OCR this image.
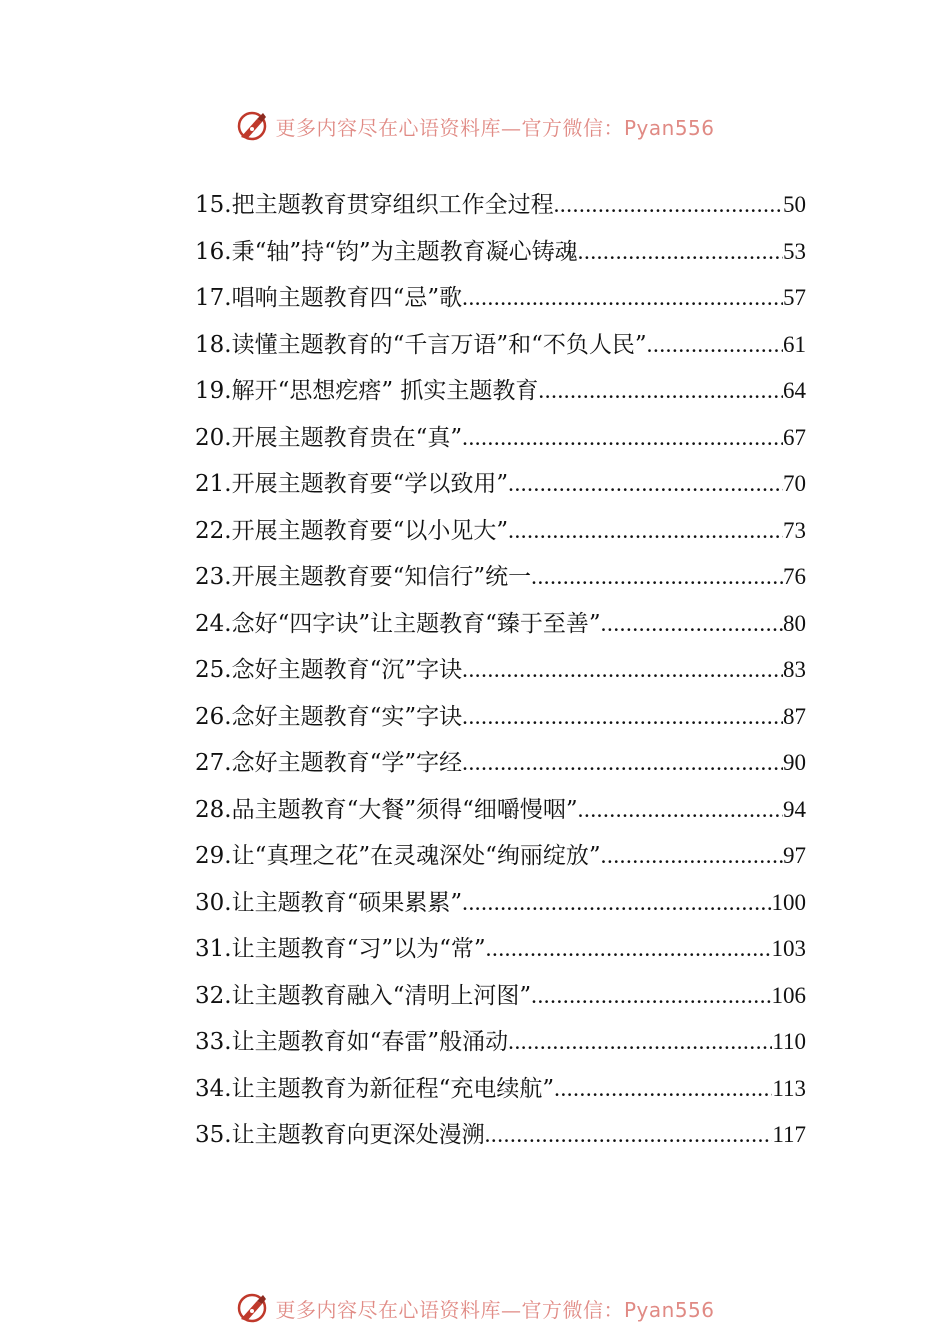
更多内容尽在心语资料库—官方微信：Pyan556
15.把主题教育贯穿组织工作全过程 .....	50
16.秉“轴”持“钧”为主题教育凝心铸魂 .....	53
17.唱响主题教育四“忌”歌 .....	57
18.读懂主题教育的“千言万语”和“不负人民” .....	61
19.解开“思想疙瘩” 抓实主题教育 .....	64
20.开展主题教育贵在“真” .....	67
21.开展主题教育要“学以致用” .....	70
22.开展主题教育要“以小见大” .....	73
23.开展主题教育要“知信行”统一 .....	76
24.念好“四字诀”让主题教育“臻于至善” .....	80
25.念好主题教育“沉”字诀 .....	83
26.念好主题教育“实”字诀 .....	87
27.念好主题教育“学”字经 .....	90
28.品主题教育“大餐”须得“细嚼慢咽” .....	94
29.让“真理之花”在灵魂深处“绚丽绽放” .....	97
30.让主题教育“硕果累累” .....	100
31.让主题教育“习”以为“常” .....	103
32.让主题教育融入“清明上河图” .....	106
33.让主题教育如“春雷”般涌动 .....	110
34.让主题教育为新征程“充电续航” .....	113
35.让主题教育向更深处漫溯 .....	117
更多内容尽在心语资料库—官方微信：Pyan556
